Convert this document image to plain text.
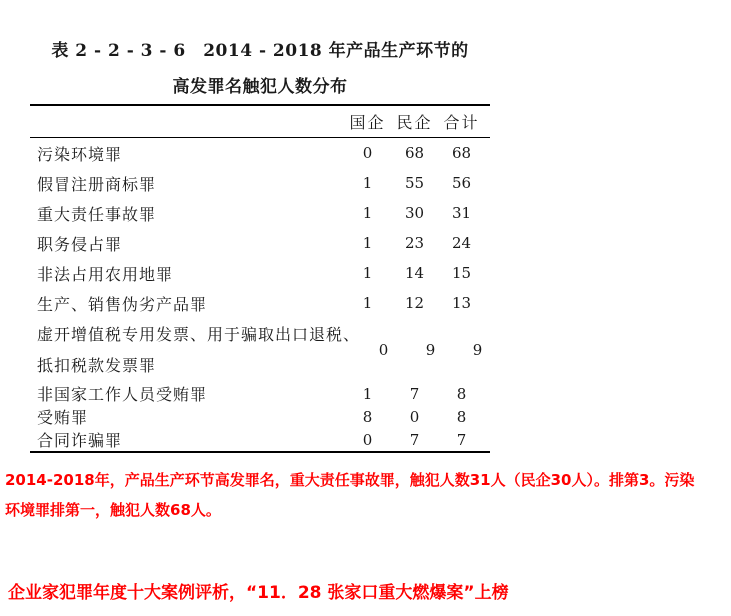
表 2 - 2 - 3 - 6　2014 - 2018 年产品生产环节的
高发罪名触犯人数分布
国企 民企 合计
污染环境罪	0	68	68
假冒注册商标罪	1	55	56
重大责任事故罪	1	30	31
职务侵占罪	1	23	24
非法占用农用地罪	1	14	15
生产、销售伪劣产品罪	1	12	13
虚开增值税专用发票、用于骗取出口退税、
抵扣税款发票罪
0	9	9
非国家工作人员受贿罪	1	7	8
受贿罪	8	0	8
合同诈骗罪	0	7	7
2014-2018年，产品生产环节高发罪名，重大责任事故罪，触犯人数31人（民企30人）。排第3。污染
环境罪排第一，触犯人数68人。
企业家犯罪年度十大案例评析，“11．28 张家口重大燃爆案”上榜
